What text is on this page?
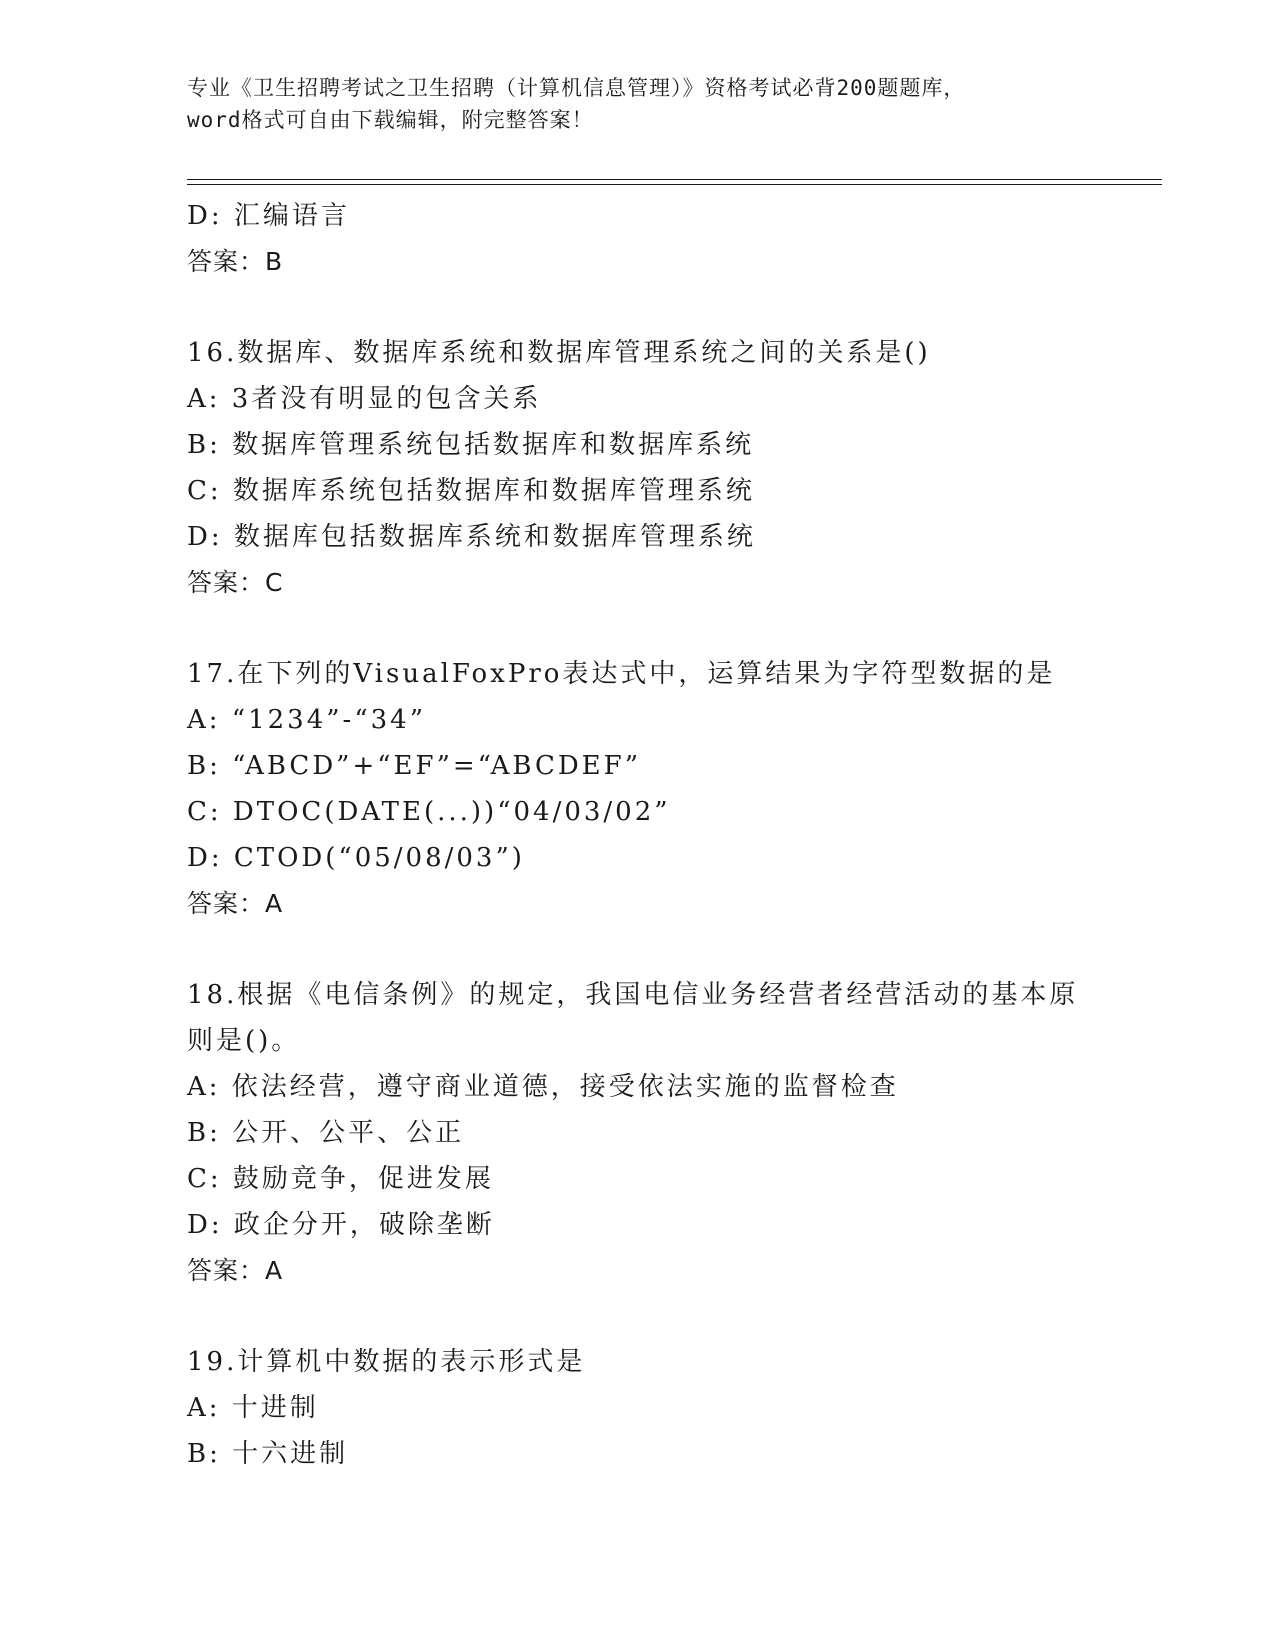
专业《卫生招聘考试之卫生招聘（计算机信息管理）》资格考试必背200题题库，
word格式可自由下载编辑，附完整答案！
D: 汇编语言
答案：B
16.数据库、数据库系统和数据库管理系统之间的关系是()
A: 3者没有明显的包含关系
B: 数据库管理系统包括数据库和数据库系统
C: 数据库系统包括数据库和数据库管理系统
D: 数据库包括数据库系统和数据库管理系统
答案：C
17.在下列的VisualFoxPro表达式中，运算结果为字符型数据的是
A: “1234”-“34”
B: “ABCD”+“EF”=“ABCDEF”
C: DTOC(DATE(...))“04/03/02”
D: CTOD(“05/08/03”)
答案：A
18.根据《电信条例》的规定，我国电信业务经营者经营活动的基本原
则是()。
A: 依法经营，遵守商业道德，接受依法实施的监督检查
B: 公开、公平、公正
C: 鼓励竞争，促进发展
D: 政企分开，破除垄断
答案：A
19.计算机中数据的表示形式是
A: 十进制
B: 十六进制
